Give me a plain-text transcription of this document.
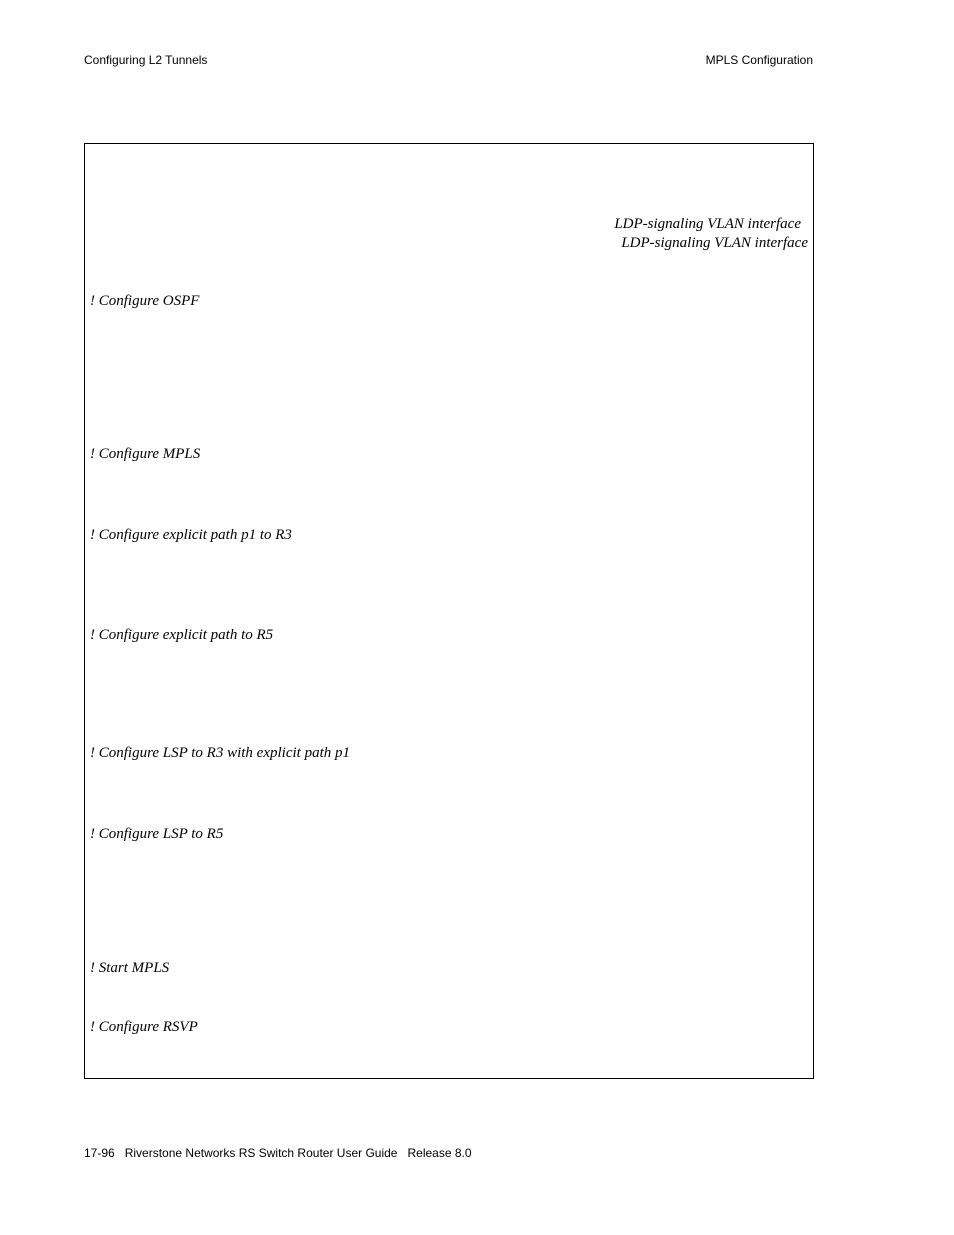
Configuring L2 Tunnels	MPLS Configuration
LDP-signaling VLAN interface
LDP-signaling VLAN interface
! Configure OSPF
! Configure MPLS
! Configure explicit path p1 to R3
! Configure explicit path to R5
! Configure LSP to R3 with explicit path p1
! Configure LSP to R5
! Start MPLS
! Configure RSVP
17-96 Riverstone Networks RS Switch Router User Guide Release 8.0
